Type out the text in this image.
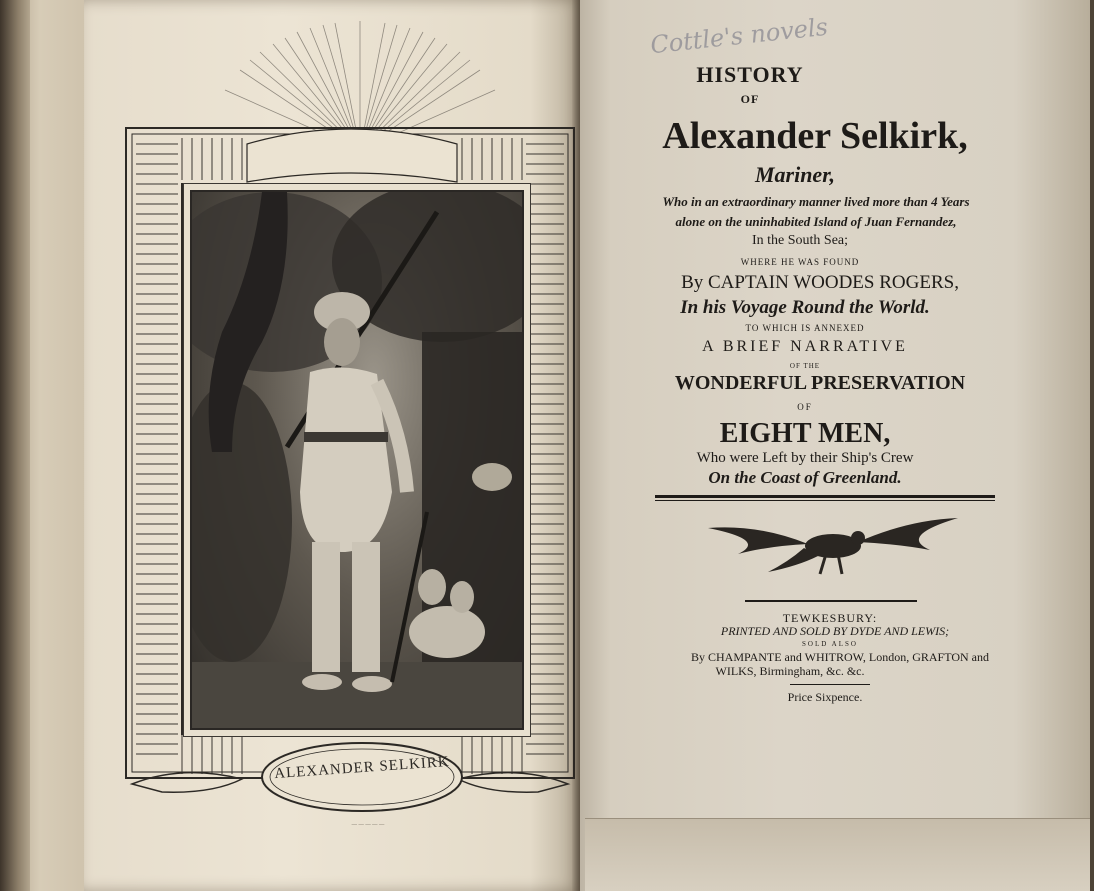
ALEXANDER SELKIRK
— — — — —
Cottle's novels
HISTORY
OF
Alexander Selkirk,
Mariner,
Who in an extraordinary manner lived more than 4 Years
alone on the uninhabited Island of Juan Fernandez,
In the South Sea;
WHERE HE WAS FOUND
By CAPTAIN WOODES ROGERS,
In his Voyage Round the World.
TO WHICH IS ANNEXED
A BRIEF NARRATIVE
OF THE
WONDERFUL PRESERVATION
OF
EIGHT MEN,
Who were Left by their Ship's Crew
On the Coast of Greenland.
TEWKESBURY:
PRINTED AND SOLD BY DYDE AND LEWIS;
SOLD ALSO
By CHAMPANTE and WHITROW, London, GRAFTON and
WILKS, Birmingham, &c. &c.
Price Sixpence.
